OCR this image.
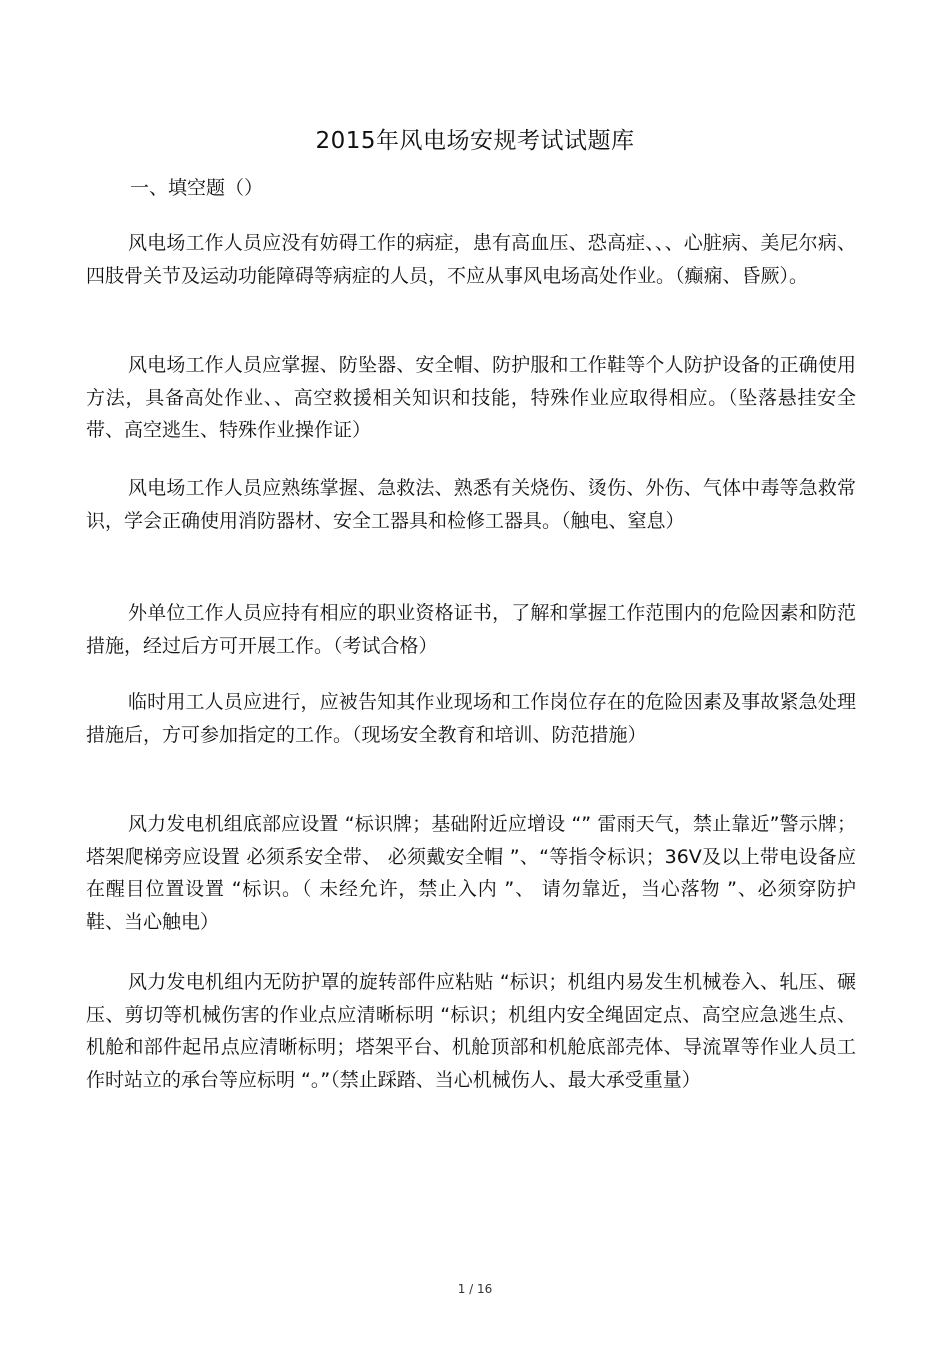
2015年风电场安规考试试题库
一、填空题（）

风电场工作人员应没有妨碍工作的病症，患有高血压、恐高症、、、心脏病、美尼尔病、四肢骨关节及运动功能障碍等病症的人员，不应从事风电场高处作业。（癫痫、昏厥）。

风电场工作人员应掌握、防坠器、安全帽、防护服和工作鞋等个人防护设备的正确使用方法，具备高处作业、、高空救援相关知识和技能，特殊作业应取得相应。（坠落悬挂安全带、高空逃生、特殊作业操作证）

风电场工作人员应熟练掌握、急救法、熟悉有关烧伤、烫伤、外伤、气体中毒等急救常识，学会正确使用消防器材、安全工器具和检修工器具。（触电、窒息）

外单位工作人员应持有相应的职业资格证书，了解和掌握工作范围内的危险因素和防范措施，经过后方可开展工作。（考试合格）

临时用工人员应进行，应被告知其作业现场和工作岗位存在的危险因素及事故紧急处理措施后，方可参加指定的工作。（现场安全教育和培训、防范措施）

风力发电机组底部应设置 “标识牌；基础附近应增设 “” 雷雨天气，禁止靠近”警示牌；塔架爬梯旁应设置 必须系安全带、 必须戴安全帽 ”、“等指令标识；36V及以上带电设备应在醒目位置设置 “标识。（ 未经允许，禁止入内 ”、 请勿靠近，当心落物 ”、必须穿防护鞋、当心触电）

风力发电机组内无防护罩的旋转部件应粘贴 “标识；机组内易发生机械卷入、轧压、碾压、剪切等机械伤害的作业点应清晰标明 “标识；机组内安全绳固定点、高空应急逃生点、机舱和部件起吊点应清晰标明；塔架平台、机舱顶部和机舱底部壳体、导流罩等作业人员工作时站立的承台等应标明 “。”（禁止踩踏、当心机械伤人、最大承受重量）

1 / 16
